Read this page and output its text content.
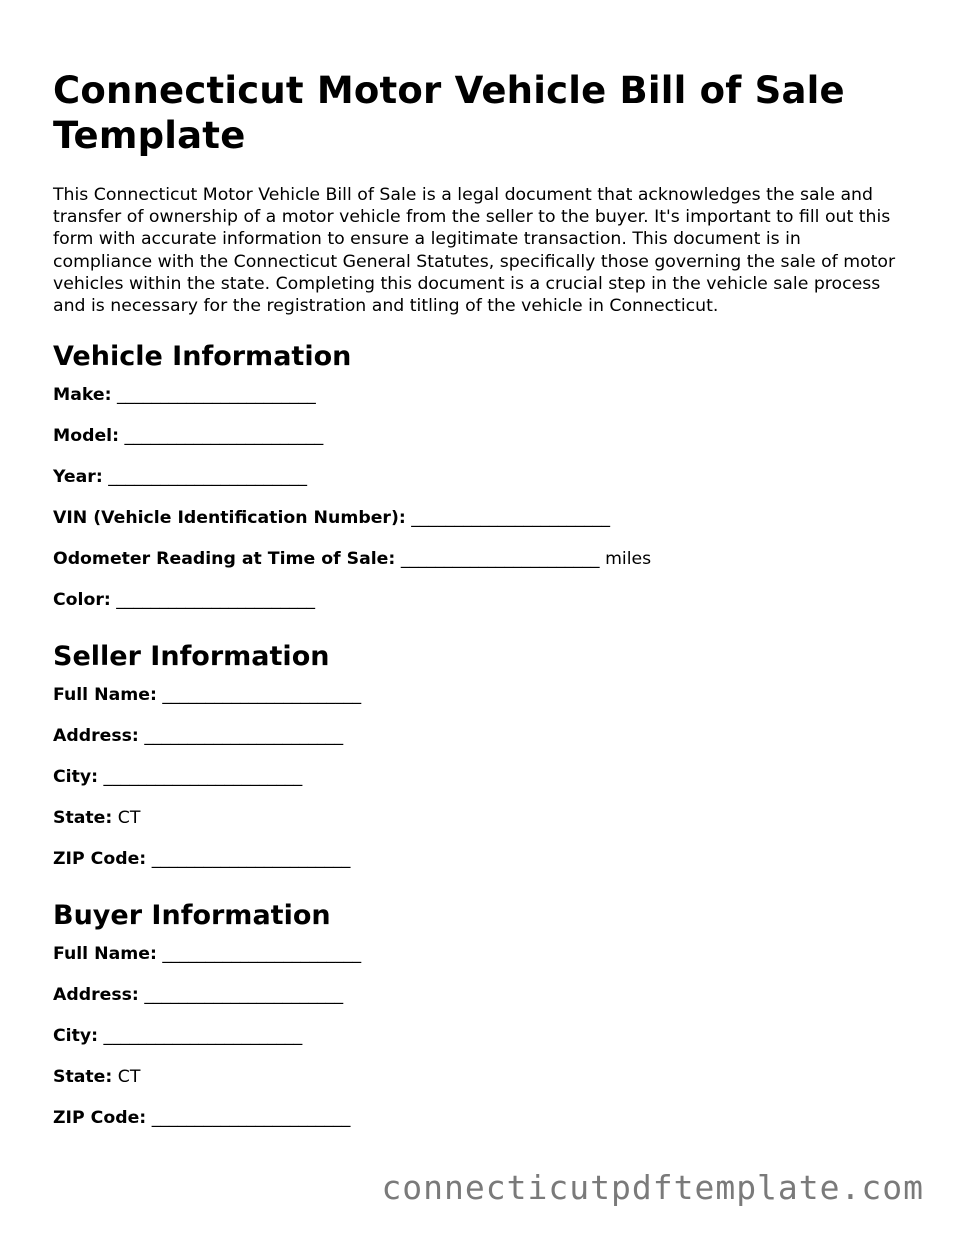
Connecticut Motor Vehicle Bill of Sale Template

This Connecticut Motor Vehicle Bill of Sale is a legal document that acknowledges the sale and transfer of ownership of a motor vehicle from the seller to the buyer. It's important to fill out this form with accurate information to ensure a legitimate transaction. This document is in compliance with the Connecticut General Statutes, specifically those governing the sale of motor vehicles within the state. Completing this document is a crucial step in the vehicle sale process and is necessary for the registration and titling of the vehicle in Connecticut.

Vehicle Information
Make: _______________________
Model: _______________________
Year: _______________________
VIN (Vehicle Identification Number): _______________________
Odometer Reading at Time of Sale: _______________________ miles
Color: _______________________
Seller Information
Full Name: _______________________
Address: _______________________
City: _______________________
State: CT
ZIP Code: _______________________
Buyer Information
Full Name: _______________________
Address: _______________________
City: _______________________
State: CT
ZIP Code: _______________________
connecticutpdftemplate.com
